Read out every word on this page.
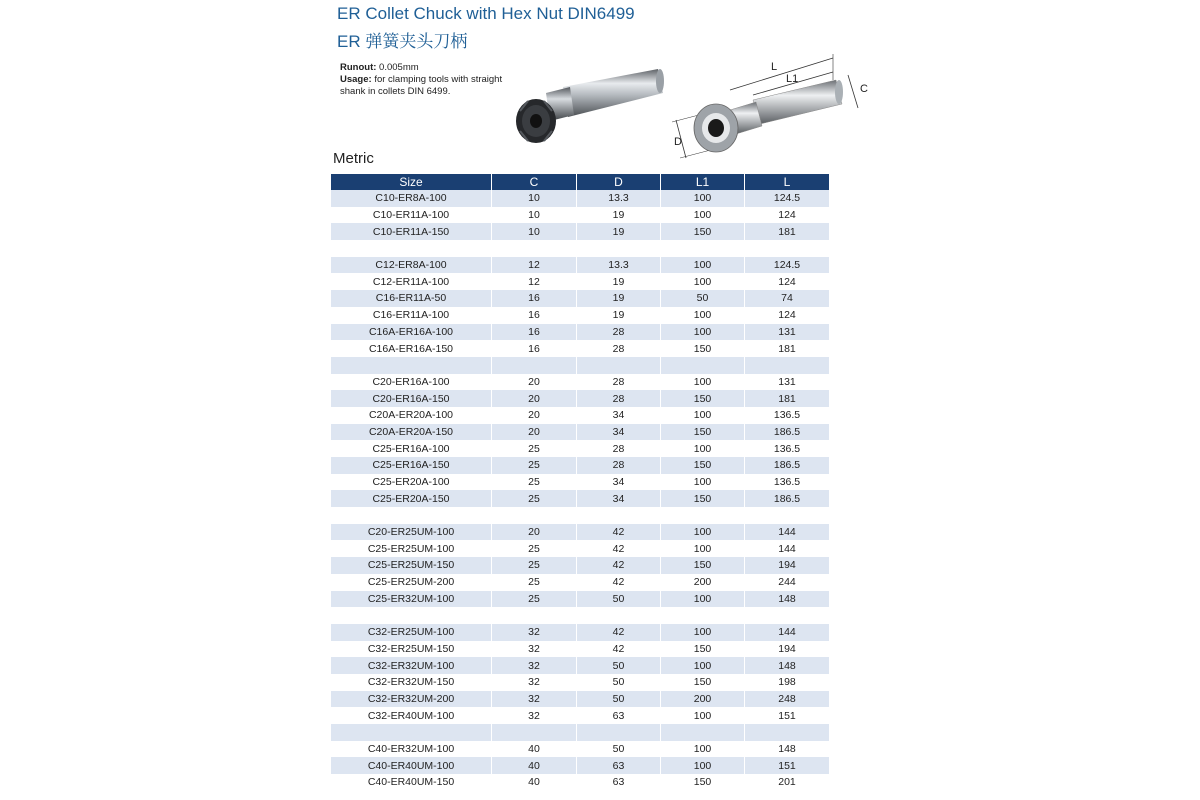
ER Collet Chuck with Hex Nut DIN6499
ER 弹簧夹头刀柄
Runout: 0.005mm
Usage: for clamping tools with straight shank in collets DIN 6499.
L
L1
C
D
Metric
Size	C	D	L1	L
C10-ER8A-100	10	13.3	100	124.5
C10-ER11A-100	10	19	100	124
C10-ER11A-150	10	19	150	181

C12-ER8A-100	12	13.3	100	124.5
C12-ER11A-100	12	19	100	124
C16-ER11A-50	16	19	50	74
C16-ER11A-100	16	19	100	124
C16A-ER16A-100	16	28	100	131
C16A-ER16A-150	16	28	150	181

C20-ER16A-100	20	28	100	131
C20-ER16A-150	20	28	150	181
C20A-ER20A-100	20	34	100	136.5
C20A-ER20A-150	20	34	150	186.5
C25-ER16A-100	25	28	100	136.5
C25-ER16A-150	25	28	150	186.5
C25-ER20A-100	25	34	100	136.5
C25-ER20A-150	25	34	150	186.5

C20-ER25UM-100	20	42	100	144
C25-ER25UM-100	25	42	100	144
C25-ER25UM-150	25	42	150	194
C25-ER25UM-200	25	42	200	244
C25-ER32UM-100	25	50	100	148

C32-ER25UM-100	32	42	100	144
C32-ER25UM-150	32	42	150	194
C32-ER32UM-100	32	50	100	148
C32-ER32UM-150	32	50	150	198
C32-ER32UM-200	32	50	200	248
C32-ER40UM-100	32	63	100	151

C40-ER32UM-100	40	50	100	148
C40-ER40UM-100	40	63	100	151
C40-ER40UM-150	40	63	150	201
